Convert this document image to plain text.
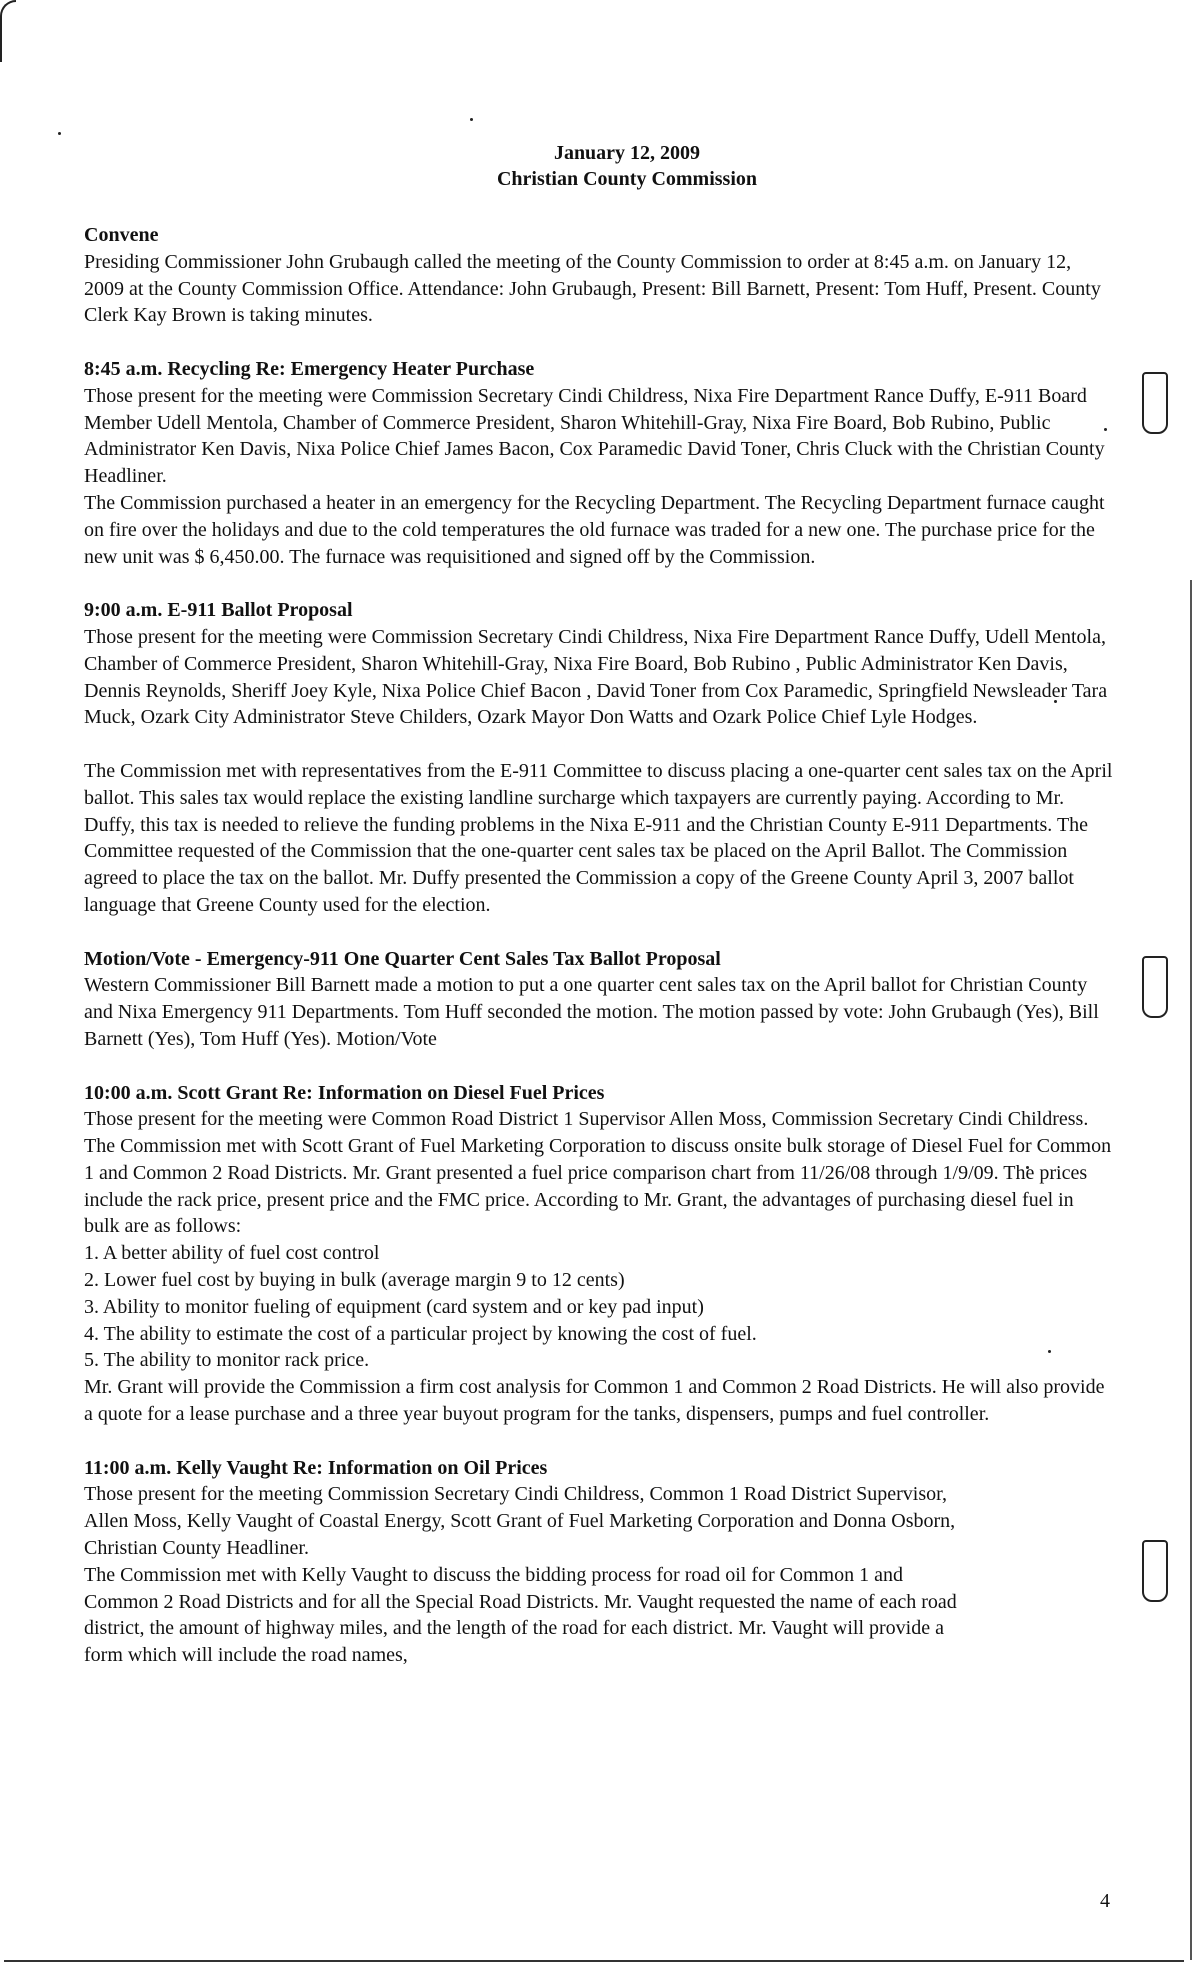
January 12, 2009
Christian County Commission
Convene

Presiding Commissioner John Grubaugh called the meeting of the County Commission to order at 8:45 a.m. on January 12, 2009 at the County Commission Office. Attendance: John Grubaugh, Present: Bill Barnett, Present: Tom Huff, Present. County Clerk Kay Brown is taking minutes.

8:45 a.m. Recycling Re: Emergency Heater Purchase

Those present for the meeting were Commission Secretary Cindi Childress, Nixa Fire Department Rance Duffy, E-911 Board Member Udell Mentola, Chamber of Commerce President, Sharon Whitehill-Gray, Nixa Fire Board, Bob Rubino, Public Administrator Ken Davis, Nixa Police Chief James Bacon, Cox Paramedic David Toner, Chris Cluck with the Christian County Headliner.

The Commission purchased a heater in an emergency for the Recycling Department. The Recycling Department furnace caught on fire over the holidays and due to the cold temperatures the old furnace was traded for a new one. The purchase price for the new unit was $ 6,450.00. The furnace was requisitioned and signed off by the Commission.

9:00 a.m. E-911 Ballot Proposal

Those present for the meeting were Commission Secretary Cindi Childress, Nixa Fire Department Rance Duffy, Udell Mentola, Chamber of Commerce President, Sharon Whitehill-Gray, Nixa Fire Board, Bob Rubino , Public Administrator Ken Davis, Dennis Reynolds, Sheriff Joey Kyle, Nixa Police Chief Bacon , David Toner from Cox Paramedic, Springfield Newsleader Tara Muck, Ozark City Administrator Steve Childers, Ozark Mayor Don Watts and Ozark Police Chief Lyle Hodges.

The Commission met with representatives from the E-911 Committee to discuss placing a one-quarter cent sales tax on the April ballot. This sales tax would replace the existing landline surcharge which taxpayers are currently paying. According to Mr. Duffy, this tax is needed to relieve the funding problems in the Nixa E-911 and the Christian County E-911 Departments. The Committee requested of the Commission that the one-quarter cent sales tax be placed on the April Ballot. The Commission agreed to place the tax on the ballot. Mr. Duffy presented the Commission a copy of the Greene County April 3, 2007 ballot language that Greene County used for the election.

Motion/Vote - Emergency-911 One Quarter Cent Sales Tax Ballot Proposal

Western Commissioner Bill Barnett made a motion to put a one quarter cent sales tax on the April ballot for Christian County and Nixa Emergency 911 Departments. Tom Huff seconded the motion. The motion passed by vote: John Grubaugh (Yes), Bill Barnett (Yes), Tom Huff (Yes). Motion/Vote

10:00 a.m. Scott Grant Re: Information on Diesel Fuel Prices

Those present for the meeting were Common Road District 1 Supervisor Allen Moss, Commission Secretary Cindi Childress.

The Commission met with Scott Grant of Fuel Marketing Corporation to discuss onsite bulk storage of Diesel Fuel for Common 1 and Common 2 Road Districts. Mr. Grant presented a fuel price comparison chart from 11/26/08 through 1/9/09. The prices include the rack price, present price and the FMC price. According to Mr. Grant, the advantages of purchasing diesel fuel in bulk are as follows:

1. A better ability of fuel cost control
2. Lower fuel cost by buying in bulk (average margin 9 to 12 cents)
3. Ability to monitor fueling of equipment (card system and or key pad input)
4. The ability to estimate the cost of a particular project by knowing the cost of fuel.
5. The ability to monitor rack price.

Mr. Grant will provide the Commission a firm cost analysis for Common 1 and Common 2 Road Districts. He will also provide a quote for a lease purchase and a three year buyout program for the tanks, dispensers, pumps and fuel controller.

11:00 a.m. Kelly Vaught Re: Information on Oil Prices

Those present for the meeting Commission Secretary Cindi Childress, Common 1 Road District Supervisor, Allen Moss, Kelly Vaught of Coastal Energy, Scott Grant of Fuel Marketing Corporation and Donna Osborn, Christian County Headliner.

The Commission met with Kelly Vaught to discuss the bidding process for road oil for Common 1 and Common 2 Road Districts and for all the Special Road Districts. Mr. Vaught requested the name of each road district, the amount of highway miles, and the length of the road for each district. Mr. Vaught will provide a form which will include the road names,

4
